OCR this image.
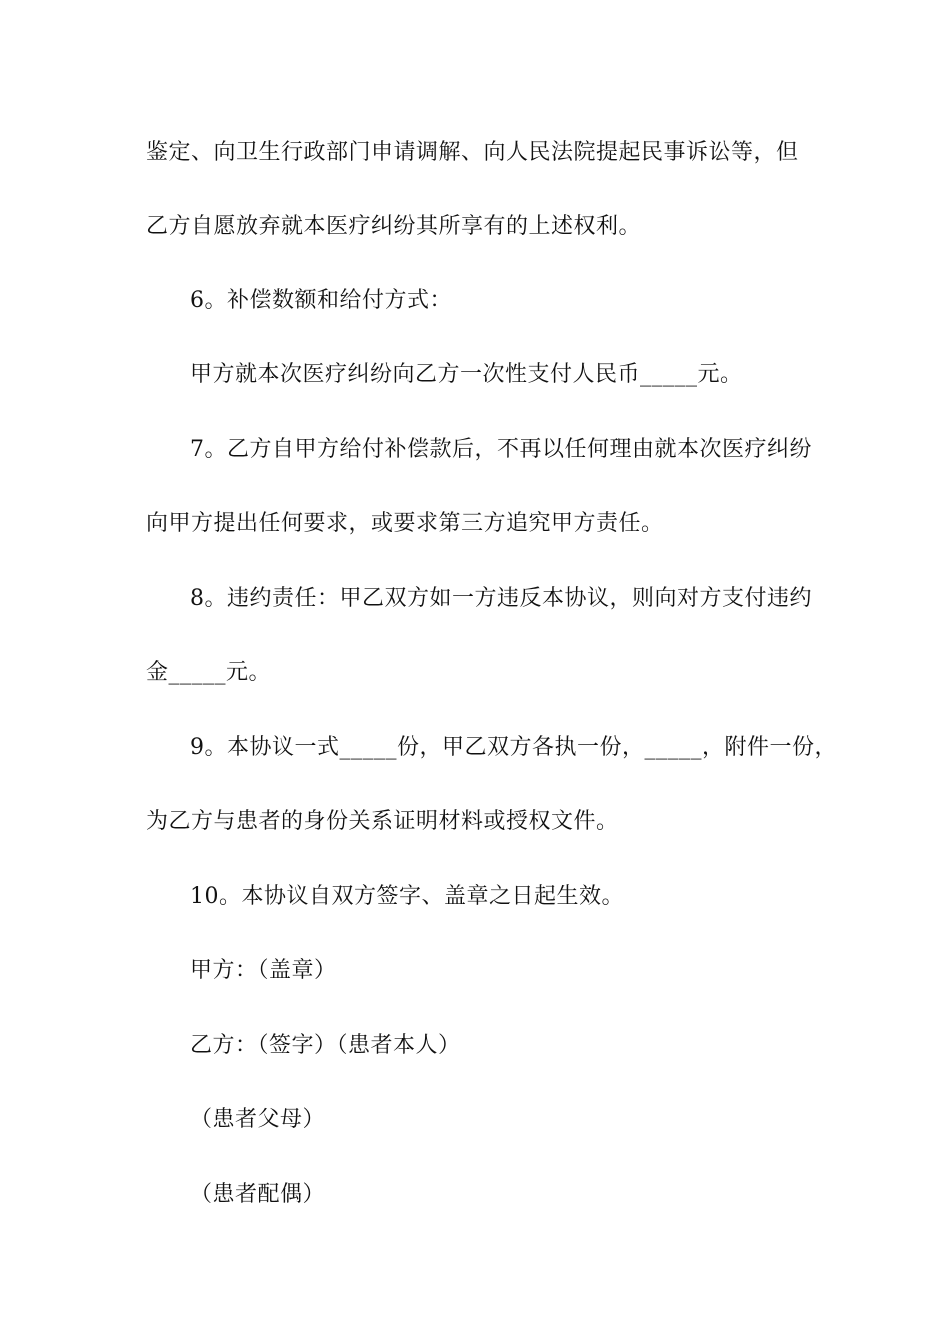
鉴定、向卫生行政部门申请调解、向人民法院提起民事诉讼等，但
乙方自愿放弃就本医疗纠纷其所享有的上述权利。
6。补偿数额和给付方式：
甲方就本次医疗纠纷向乙方一次性支付人民币_____元。
7。乙方自甲方给付补偿款后，不再以任何理由就本次医疗纠纷
向甲方提出任何要求，或要求第三方追究甲方责任。
8。违约责任：甲乙双方如一方违反本协议，则向对方支付违约
金_____元。
9。本协议一式_____份，甲乙双方各执一份，_____，附件一份，
为乙方与患者的身份关系证明材料或授权文件。
10。本协议自双方签字、盖章之日起生效。
甲方：（盖章）
乙方：（签字）（患者本人）
（患者父母）
（患者配偶）
